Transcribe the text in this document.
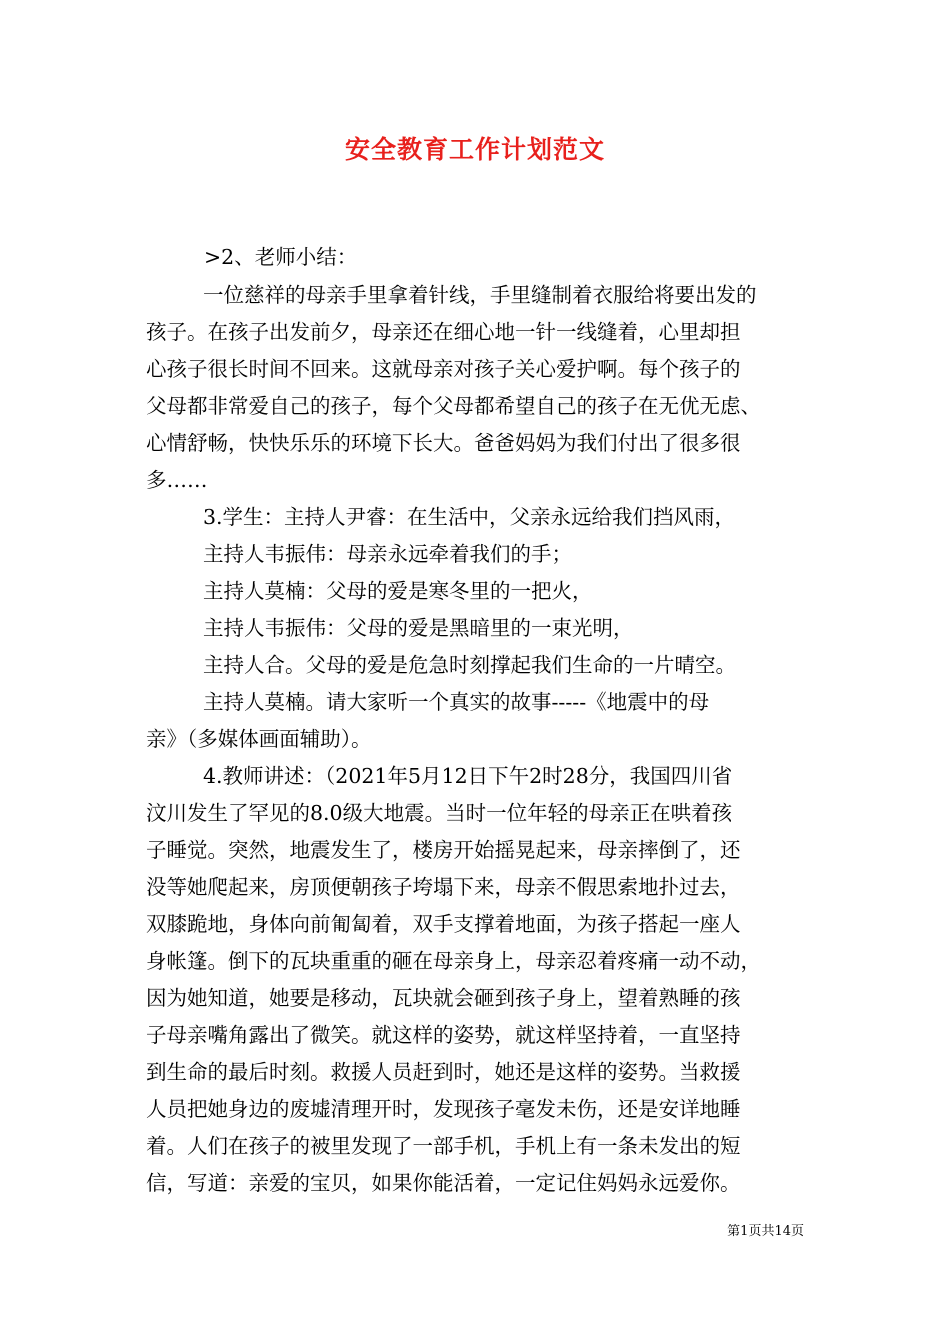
安全教育工作计划范文
>2、老师小结：
一位慈祥的母亲手里拿着针线，手里缝制着衣服给将要出发的
孩子。在孩子出发前夕，母亲还在细心地一针一线缝着，心里却担
心孩子很长时间不回来。这就母亲对孩子关心爱护啊。每个孩子的
父母都非常爱自己的孩子，每个父母都希望自己的孩子在无优无虑、
心情舒畅，快快乐乐的环境下长大。爸爸妈妈为我们付出了很多很
多……
3.学生：主持人尹睿：在生活中，父亲永远给我们挡风雨，
主持人韦振伟：母亲永远牵着我们的手；
主持人莫楠：父母的爱是寒冬里的一把火，
主持人韦振伟：父母的爱是黑暗里的一束光明，
主持人合。父母的爱是危急时刻撑起我们生命的一片晴空。
主持人莫楠。请大家听一个真实的故事-----《地震中的母
亲》（多媒体画面辅助）。
4.教师讲述：（2021年5月12日下午2时28分，我国四川省
汶川发生了罕见的8.0级大地震。当时一位年轻的母亲正在哄着孩
子睡觉。突然，地震发生了，楼房开始摇晃起来，母亲摔倒了，还
没等她爬起来，房顶便朝孩子垮塌下来，母亲不假思索地扑过去，
双膝跪地，身体向前匍匐着，双手支撑着地面，为孩子搭起一座人
身帐篷。倒下的瓦块重重的砸在母亲身上，母亲忍着疼痛一动不动，
因为她知道，她要是移动，瓦块就会砸到孩子身上，望着熟睡的孩
子母亲嘴角露出了微笑。就这样的姿势，就这样坚持着，一直坚持
到生命的最后时刻。救援人员赶到时，她还是这样的姿势。当救援
人员把她身边的废墟清理开时，发现孩子毫发未伤，还是安详地睡
着。人们在孩子的被里发现了一部手机，手机上有一条未发出的短
信，写道：亲爱的宝贝，如果你能活着，一定记住妈妈永远爱你。
第1页共14页
